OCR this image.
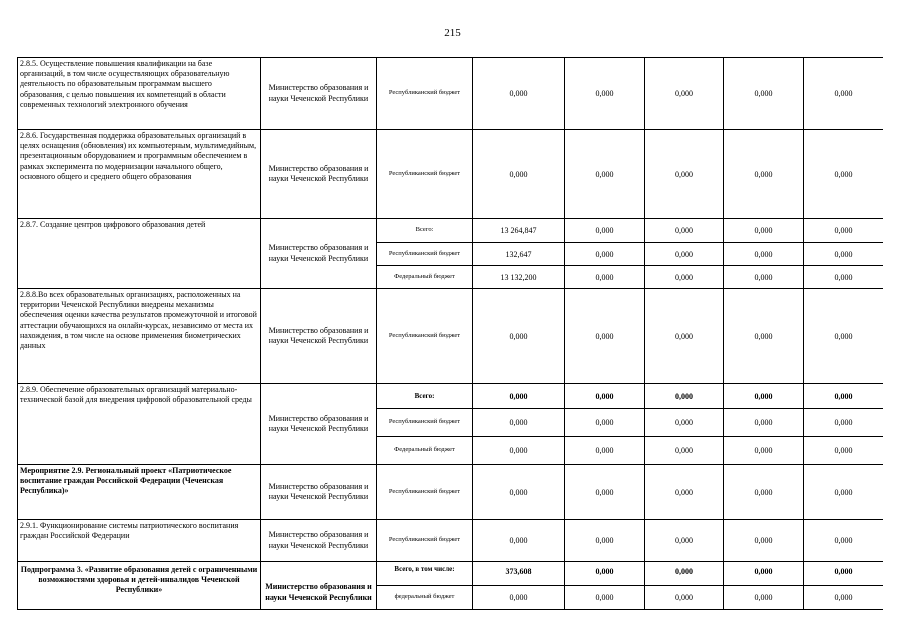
215
2.8.5. Осуществление повышения квалификации на базе организаций, в том числе осуществляющих образовательную деятельность по образовательным программам высшего образования, с целью повышения их компетенций в области современных технологий электронного обучения	Министерство образования и науки Чеченской Республики	Республиканский бюджет	0,000	0,000	0,000	0,000	0,000
2.8.6. Государственная поддержка образовательных организаций в целях оснащения (обновления) их компьютерным, мультимедийным, презентационным оборудованием и программным обеспечением в рамках эксперимента по модернизации начального общего, основного общего и среднего общего образования	Министерство образования и науки Чеченской Республики	Республиканский бюджет	0,000	0,000	0,000	0,000	0,000
2.8.7. Создание центров цифрового образования детей	Министерство образования и науки Чеченской Республики	Всего:	13 264,847	0,000	0,000	0,000	0,000
		Республиканский бюджет	132,647	0,000	0,000	0,000	0,000
		Федеральный бюджет	13 132,200	0,000	0,000	0,000	0,000
2.8.8.Во всех образовательных организациях, расположенных на территории Чеченской Республики внедрены механизмы обеспечения оценки качества результатов промежуточной и итоговой аттестации обучающихся на онлайн-курсах, независимо от места их нахождения, в том числе на основе применения биометрических данных	Министерство образования и науки Чеченской Республики	Республиканский бюджет	0,000	0,000	0,000	0,000	0,000
2.8.9. Обеспечение образовательных организаций материально-технической базой для внедрения цифровой образовательной среды	Министерство образования и науки Чеченской Республики	Всего:	0,000	0,000	0,000	0,000	0,000
		Республиканский бюджет	0,000	0,000	0,000	0,000	0,000
		Федеральный бюджет	0,000	0,000	0,000	0,000	0,000
Мероприятие 2.9. Региональный проект «Патриотическое воспитание граждан Российской Федерации (Чеченская Республика)»	Министерство образования и науки Чеченской Республики	Республиканский бюджет	0,000	0,000	0,000	0,000	0,000
2.9.1. Функционирование системы патриотического воспитания граждан Российской Федерации	Министерство образования и науки Чеченской Республики	Республиканский бюджет	0,000	0,000	0,000	0,000	0,000
Подпрограмма 3. «Развитие образования детей с ограниченными возможностями здоровья и детей-инвалидов Чеченской Республики»	Министерство образования и науки Чеченской Республики	Всего, в том числе:	373,608	0,000	0,000	0,000	0,000
		федеральный бюджет	0,000	0,000	0,000	0,000	0,000
